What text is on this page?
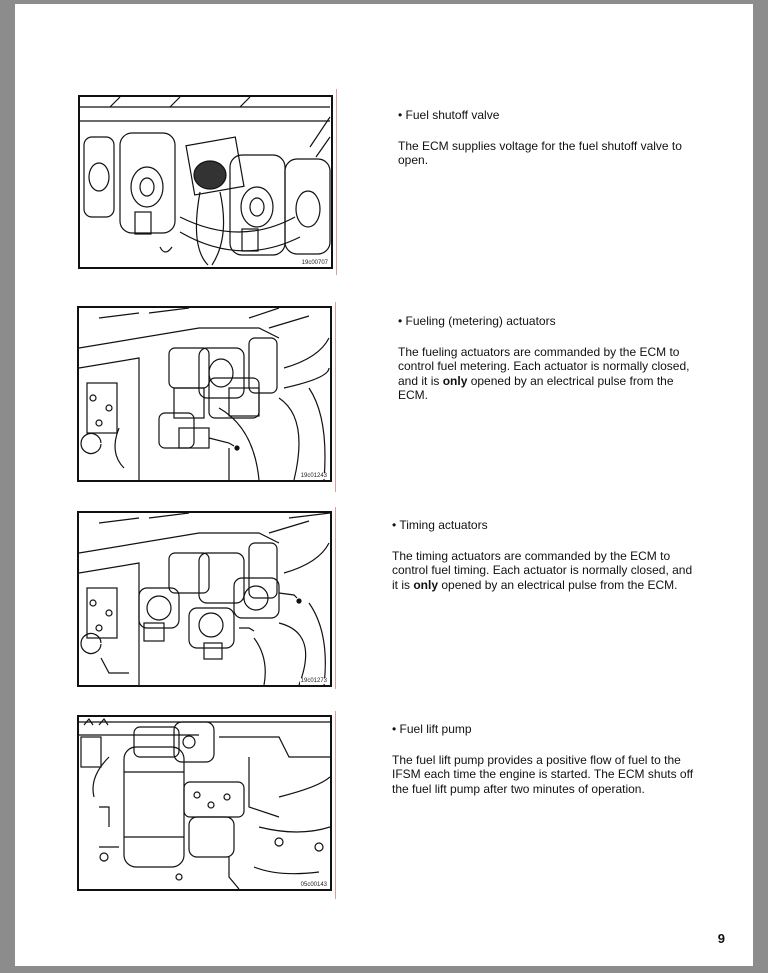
19c00707

• Fuel shutoff valve

The ECM supplies voltage for the fuel shutoff valve to open.

19c01243

• Fueling (metering) actuators

The fueling actuators are commanded by the ECM to control fuel metering. Each actuator is normally closed, and it is only opened by an electrical pulse from the ECM.

19c01273

• Timing actuators

The timing actuators are commanded by the ECM to control fuel timing. Each actuator is normally closed, and it is only opened by an electrical pulse from the ECM.

05c00143

• Fuel lift pump

The fuel lift pump provides a positive flow of fuel to the IFSM each time the engine is started. The ECM shuts off the fuel lift pump after two minutes of operation.

9
